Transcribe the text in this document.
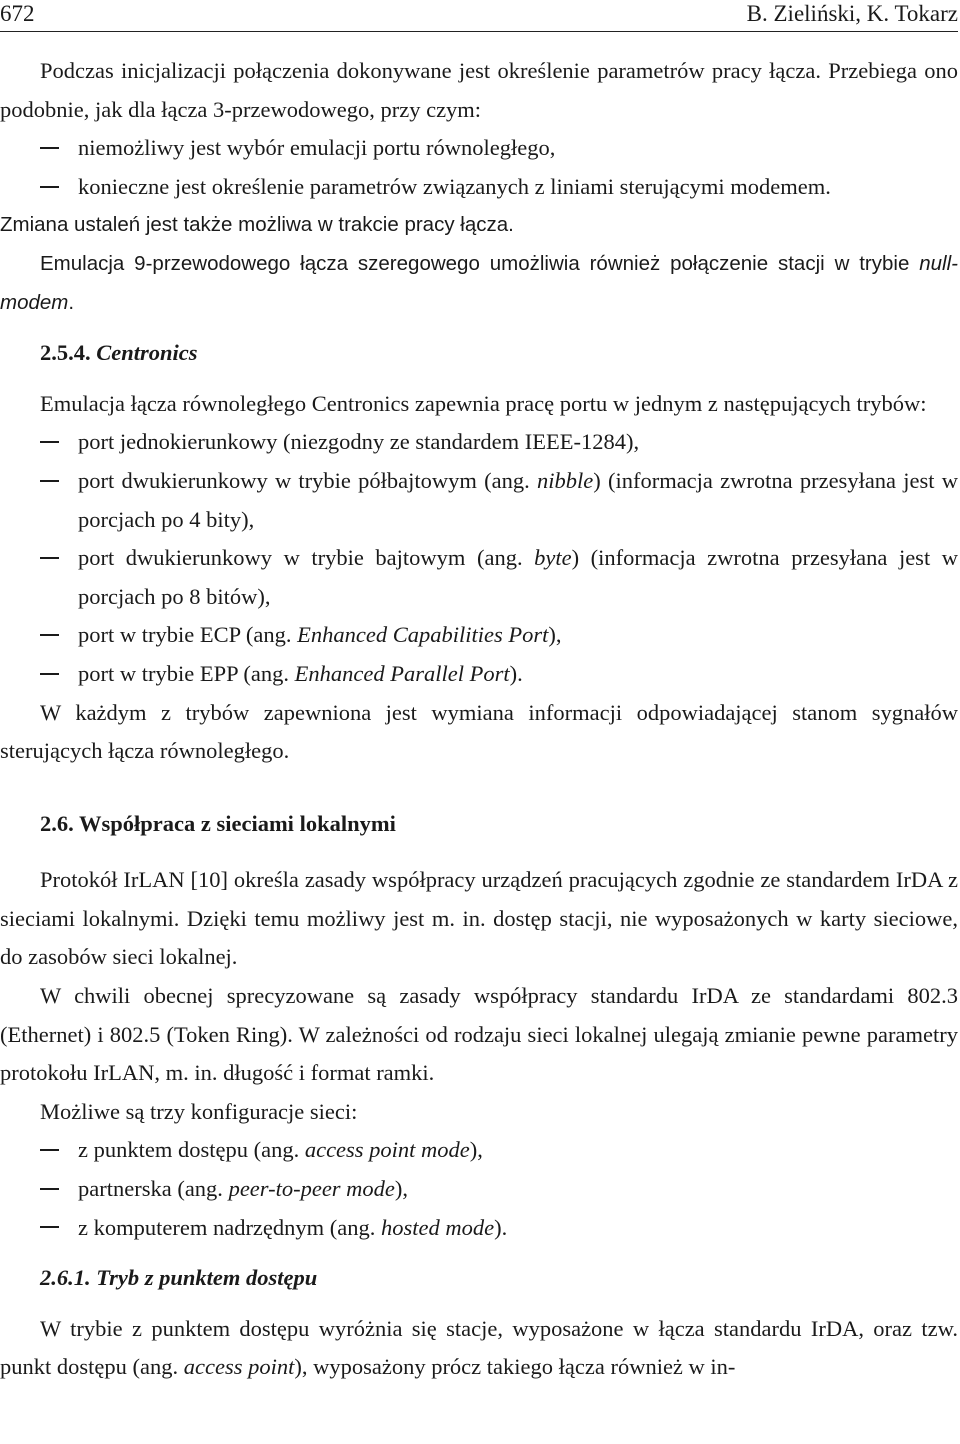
672	B. Zieliński, K. Tokarz

Podczas inicjalizacji połączenia dokonywane jest określenie parametrów pracy łącza. Przebiega ono podobnie, jak dla łącza 3-przewodowego, przy czym:

niemożliwy jest wybór emulacji portu równoległego,
konieczne jest określenie parametrów związanych z liniami sterującymi modemem.

Zmiana ustaleń jest także możliwa w trakcie pracy łącza.

Emulacja 9-przewodowego łącza szeregowego umożliwia również połączenie stacji w trybie null-modem.

2.5.4. Centronics

Emulacja łącza równoległego Centronics zapewnia pracę portu w jednym z następujących trybów:

port jednokierunkowy (niezgodny ze standardem IEEE-1284),
port dwukierunkowy w trybie półbajtowym (ang. nibble) (informacja zwrotna przesyłana jest w porcjach po 4 bity),
port dwukierunkowy w trybie bajtowym (ang. byte) (informacja zwrotna przesyłana jest w porcjach po 8 bitów),
port w trybie ECP (ang. Enhanced Capabilities Port),
port w trybie EPP (ang. Enhanced Parallel Port).

W każdym z trybów zapewniona jest wymiana informacji odpowiadającej stanom sygnałów sterujących łącza równoległego.

2.6. Współpraca z sieciami lokalnymi

Protokół IrLAN [10] określa zasady współpracy urządzeń pracujących zgodnie ze standardem IrDA z sieciami lokalnymi. Dzięki temu możliwy jest m. in. dostęp stacji, nie wyposażonych w karty sieciowe, do zasobów sieci lokalnej.

W chwili obecnej sprecyzowane są zasady współpracy standardu IrDA ze standardami 802.3 (Ethernet) i 802.5 (Token Ring). W zależności od rodzaju sieci lokalnej ulegają zmianie pewne parametry protokołu IrLAN, m. in. długość i format ramki.

Możliwe są trzy konfiguracje sieci:

z punktem dostępu (ang. access point mode),
partnerska (ang. peer-to-peer mode),
z komputerem nadrzędnym (ang. hosted mode).
2.6.1. Tryb z punktem dostępu

W trybie z punktem dostępu wyróżnia się stacje, wyposażone w łącza standardu IrDA, oraz tzw. punkt dostępu (ang. access point), wyposażony prócz takiego łącza również w in-
